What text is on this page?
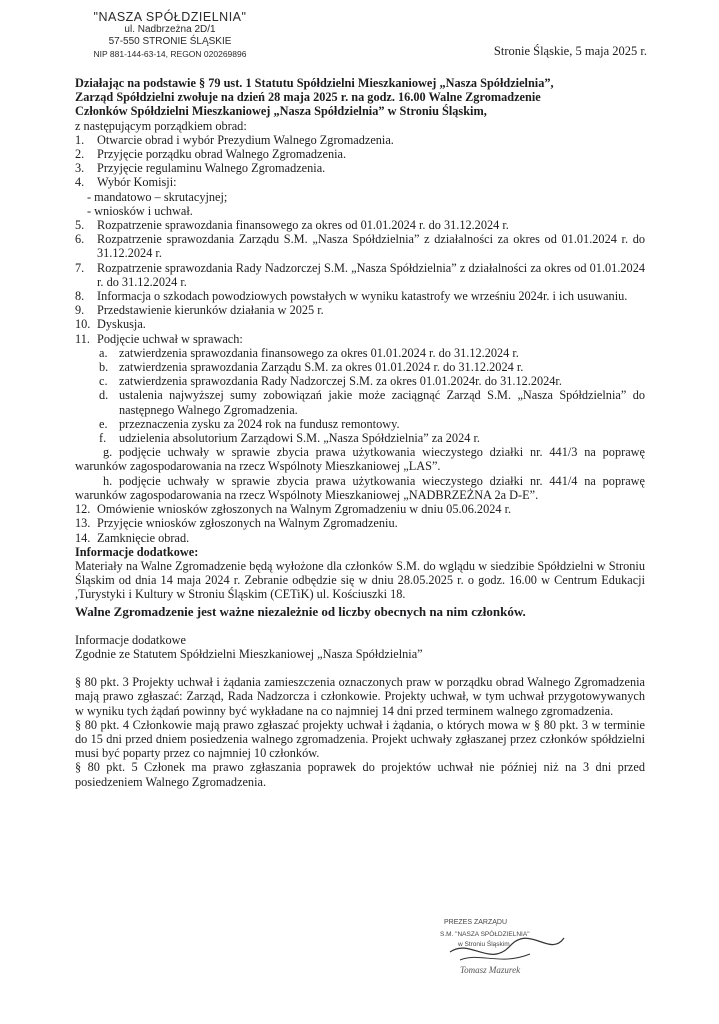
"NASZA SPÓŁDZIELNIA"
ul. Nadbrzeżna 2D/1
57-550 STRONIE ŚLĄSKIE
NIP 881-144-63-14, REGON 020269896	Stronie Śląskie, 5 maja 2025 r.
Działając na podstawie § 79 ust. 1 Statutu Spółdzielni Mieszkaniowej „Nasza Spółdzielnia”,
Zarząd Spółdzielni zwołuje na dzień 28 maja 2025 r. na godz. 16.00 Walne Zgromadzenie
Członków Spółdzielni Mieszkaniowej „Nasza Spółdzielnia” w Stroniu Śląskim,
z następującym porządkiem obrad:
1. Otwarcie obrad i wybór Prezydium Walnego Zgromadzenia.
2. Przyjęcie porządku obrad Walnego Zgromadzenia.
3. Przyjęcie regulaminu Walnego Zgromadzenia.
4. Wybór Komisji:
- mandatowo – skrutacyjnej;
- wniosków i uchwał.
5. Rozpatrzenie sprawozdania finansowego za okres od 01.01.2024 r. do 31.12.2024 r.
6. Rozpatrzenie sprawozdania Zarządu S.M. „Nasza Spółdzielnia” z działalności za okres od 01.01.2024 r. do 31.12.2024 r.
7. Rozpatrzenie sprawozdania Rady Nadzorczej S.M. „Nasza Spółdzielnia” z działalności za okres od 01.01.2024 r. do 31.12.2024 r.
8. Informacja o szkodach powodziowych powstałych w wyniku katastrofy we wrześniu 2024r. i ich usuwaniu.
9. Przedstawienie kierunków działania w 2025 r.
10. Dyskusja.
11. Podjęcie uchwał w sprawach:
a. zatwierdzenia sprawozdania finansowego za okres 01.01.2024 r. do 31.12.2024 r.
b. zatwierdzenia sprawozdania Zarządu S.M. za okres 01.01.2024 r. do 31.12.2024 r.
c. zatwierdzenia sprawozdania Rady Nadzorczej S.M. za okres 01.01.2024r. do 31.12.2024r.
d. ustalenia najwyższej sumy zobowiązań jakie może zaciągnąć Zarząd S.M. „Nasza Spółdzielnia” do następnego Walnego Zgromadzenia.
e. przeznaczenia zysku za 2024 rok na fundusz remontowy.
f. udzielenia absolutorium Zarządowi S.M. „Nasza Spółdzielnia” za 2024 r.
g. podjęcie uchwały w sprawie zbycia prawa użytkowania wieczystego działki nr. 441/3 na poprawę warunków zagospodarowania na rzecz Wspólnoty Mieszkaniowej „LAS”.
h. podjęcie uchwały w sprawie zbycia prawa użytkowania wieczystego działki nr. 441/4 na poprawę warunków zagospodarowania na rzecz Wspólnoty Mieszkaniowej „NADBRZEŻNA 2a D-E”.
12. Omówienie wniosków zgłoszonych na Walnym Zgromadzeniu w dniu 05.06.2024 r.
13. Przyjęcie wniosków zgłoszonych na Walnym Zgromadzeniu.
14. Zamknięcie obrad.
Informacje dodatkowe:
Materiały na Walne Zgromadzenie będą wyłożone dla członków S.M. do wglądu w siedzibie Spółdzielni w Stroniu Śląskim od dnia 14 maja 2024 r. Zebranie odbędzie się w dniu 28.05.2025 r. o godz. 16.00 w Centrum Edukacji ,Turystyki i Kultury w Stroniu Śląskim (CETiK) ul. Kościuszki 18.
Walne Zgromadzenie jest ważne niezależnie od liczby obecnych na nim członków.
Informacje dodatkowe
Zgodnie ze Statutem Spółdzielni Mieszkaniowej „Nasza Spółdzielnia”
§ 80 pkt. 3 Projekty uchwał i żądania zamieszczenia oznaczonych praw w porządku obrad Walnego Zgromadzenia mają prawo zgłaszać: Zarząd, Rada Nadzorcza i członkowie. Projekty uchwał, w tym uchwał przygotowywanych w wyniku tych żądań powinny być wykładane na co najmniej 14 dni przed terminem walnego zgromadzenia.
§ 80 pkt. 4 Członkowie mają prawo zgłaszać projekty uchwał i żądania, o których mowa w § 80 pkt. 3 w terminie do 15 dni przed dniem posiedzenia walnego zgromadzenia. Projekt uchwały zgłaszanej przez członków spółdzielni musi być poparty przez co najmniej 10 członków.
§ 80 pkt. 5 Członek ma prawo zgłaszania poprawek do projektów uchwał nie później niż na 3 dni przed posiedzeniem Walnego Zgromadzenia.
PREZES ZARZĄDU
S.M. "NASZA SPÓŁDZIELNIA"
w Stroniu Śląskim
Tomasz Mazurek
